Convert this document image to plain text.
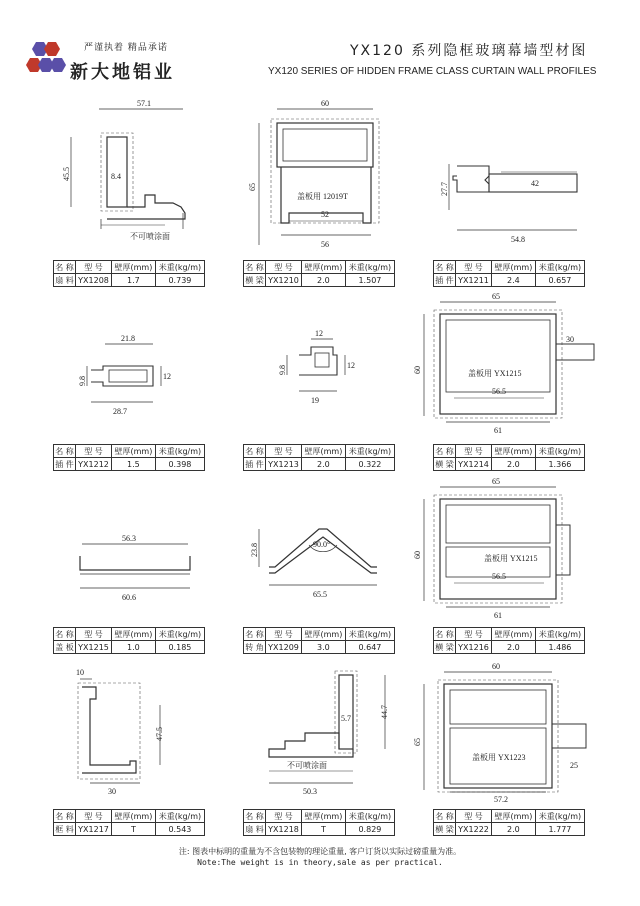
严谨执着 精品承诺
新大地铝业
YX120 系列隐框玻璃幕墙型材图
YX120 SERIES OF HIDDEN FRAME CLASS CURTAIN WALL PROFILES
57.1
45.5	8.4
不可喷涂面
60
65
盖板用 12019T
52
56
27.7	42
54.8
名 称	型 号	壁厚(mm)	米重(kg/m)
扇 料	YX1208	1.7	0.739
名 称	型 号	壁厚(mm)	米重(kg/m)
横 梁	YX1210	2.0	1.507
名 称	型 号	壁厚(mm)	米重(kg/m)
插 件	YX1211	2.4	0.657
21.8
9.8	12
28.7
12
9.8	12
19
65
60
30
盖板用 YX1215
56.5
61
名 称	型 号	壁厚(mm)	米重(kg/m)
插 件	YX1212	1.5	0.398
名 称	型 号	壁厚(mm)	米重(kg/m)
插 件	YX1213	2.0	0.322
名 称	型 号	壁厚(mm)	米重(kg/m)
横 梁	YX1214	2.0	1.366
56.3
60.6
23.8	90.0°
65.5
65
60	盖板用 YX1215
56.5
61
名 称	型 号	壁厚(mm)	米重(kg/m)
盖 板	YX1215	1.0	0.185
名 称	型 号	壁厚(mm)	米重(kg/m)
转 角	YX1209	3.0	0.647
名 称	型 号	壁厚(mm)	米重(kg/m)
横 梁	YX1216	2.0	1.486
10
47.5
30
5.7	44.7
不可喷涂面
50.3
60
65
25
盖板用 YX1223
57.2
名 称	型 号	壁厚(mm)	米重(kg/m)
框 料	YX1217	T	0.543
名 称	型 号	壁厚(mm)	米重(kg/m)
扇 料	YX1218	T	0.829
名 称	型 号	壁厚(mm)	米重(kg/m)
横 梁	YX1222	2.0	1.777
注: 图表中标明的重量为不含包装物的理论重量, 客户订货以实际过磅重量为准。
Note:The weight is in theory,sale as per practical.
